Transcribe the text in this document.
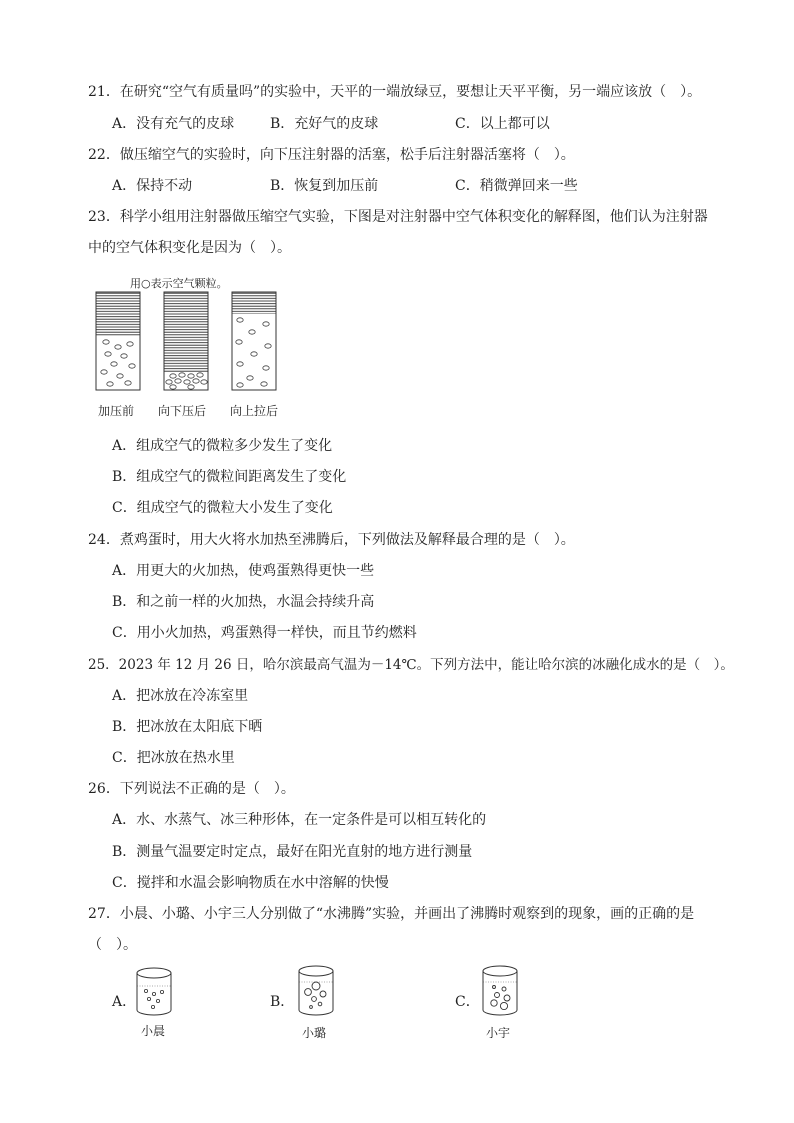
21．在研究“空气有质量吗”的实验中，天平的一端放绿豆，要想让天平平衡，另一端应该放（　）。
A．没有充气的皮球	B．充好气的皮球	C．以上都可以
22．做压缩空气的实验时，向下压注射器的活塞，松手后注射器活塞将（　）。
A．保持不动	B．恢复到加压前	C．稍微弹回来一些
23．科学小组用注射器做压缩空气实验，下图是对注射器中空气体积变化的解释图，他们认为注射器
中的空气体积变化是因为（　）。
用○表示空气颗粒。
加压前 向下压后 向上拉后
A．组成空气的微粒多少发生了变化
B．组成空气的微粒间距离发生了变化
C．组成空气的微粒大小发生了变化
24．煮鸡蛋时，用大火将水加热至沸腾后，下列做法及解释最合理的是（　）。
A．用更大的火加热，使鸡蛋熟得更快一些
B．和之前一样的火加热，水温会持续升高
C．用小火加热，鸡蛋熟得一样快，而且节约燃料
25．2023 年 12 月 26 日，哈尔滨最高气温为－14℃。下列方法中，能让哈尔滨的冰融化成水的是（　）。
A．把冰放在冷冻室里
B．把冰放在太阳底下晒
C．把冰放在热水里
26．下列说法不正确的是（　）。
A．水、水蒸气、冰三种形体，在一定条件是可以相互转化的
B．测量气温要定时定点，最好在阳光直射的地方进行测量
C．搅拌和水温会影响物质在水中溶解的快慢
27．小晨、小璐、小宇三人分别做了“水沸腾”实验，并画出了沸腾时观察到的现象，画的正确的是
（　）。
A．
小晨
B．
小璐
C．
小宇
